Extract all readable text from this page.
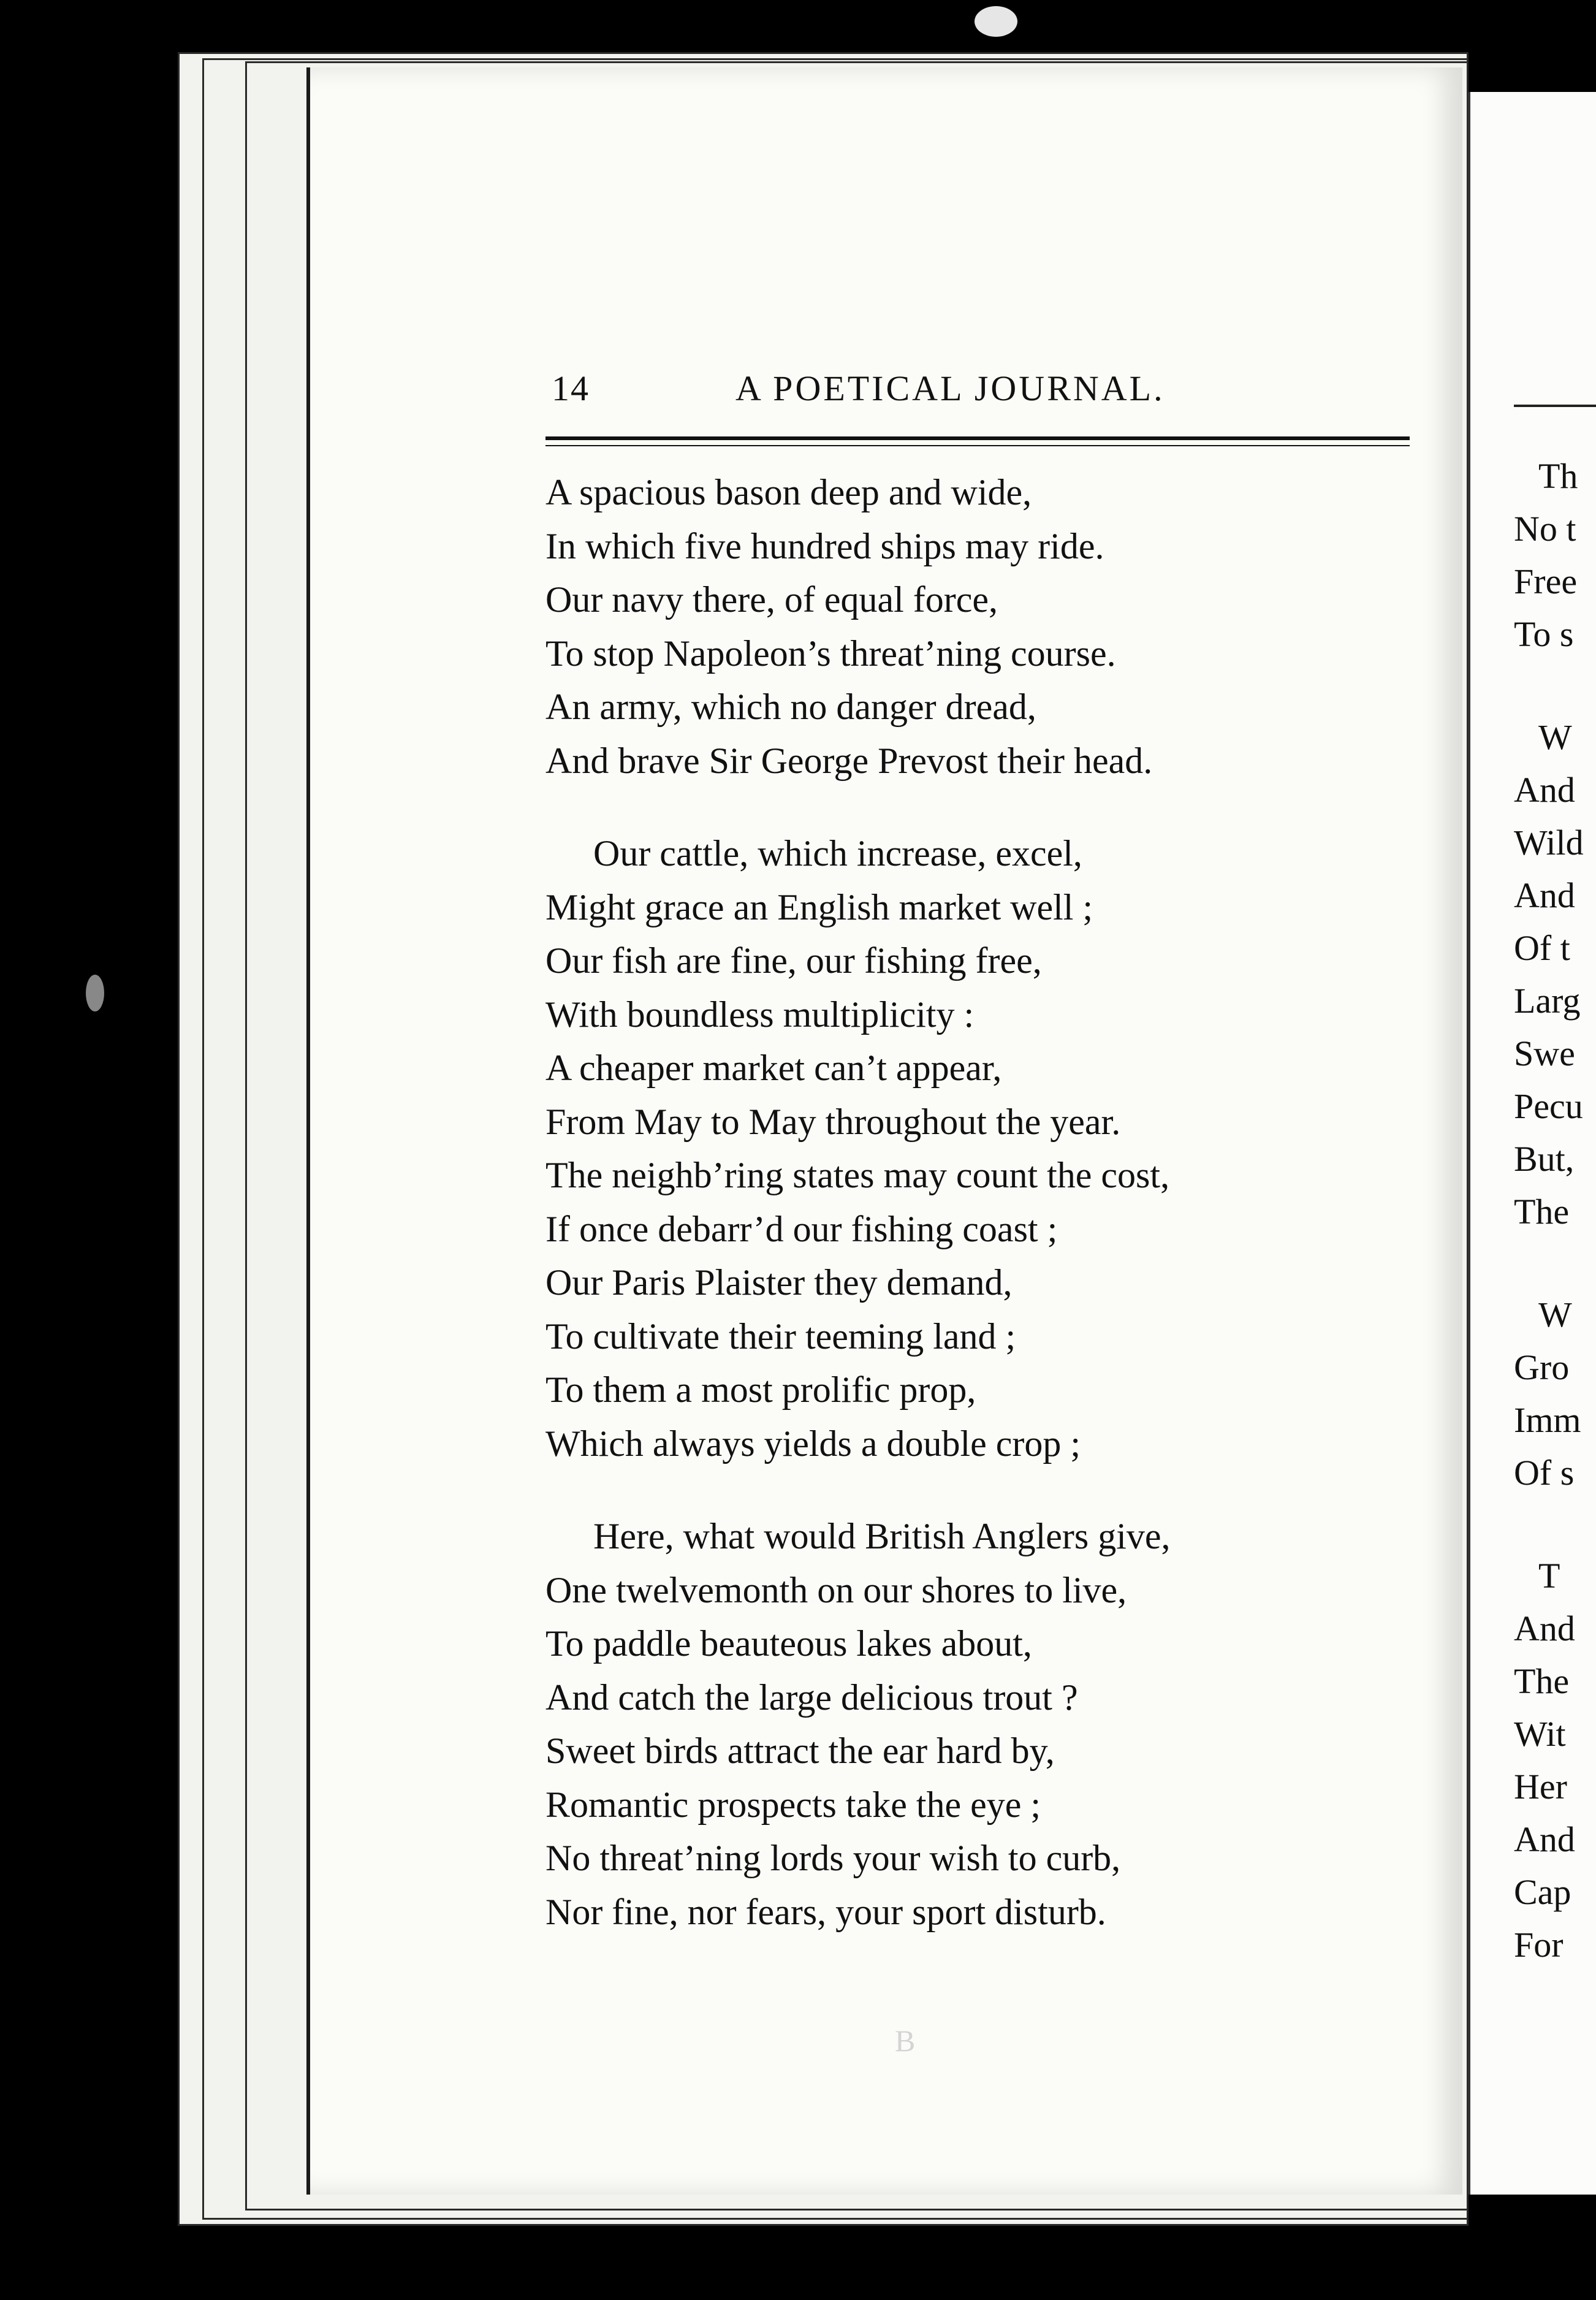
14	A POETICAL JOURNAL.
A spacious bason deep and wide,
In which five hundred ships may ride.
Our navy there, of equal force,
To stop Napoleon’s threat’ning course.
An army, which no danger dread,
And brave Sir George Prevost their head.
Our cattle, which increase, excel,
Might grace an English market well ;
Our fish are fine, our fishing free,
With boundless multiplicity :
A cheaper market can’t appear,
From May to May throughout the year.
The neighb’ring states may count the cost,
If once debarr’d our fishing coast ;
Our Paris Plaister they demand,
To cultivate their teeming land ;
To them a most prolific prop,
Which always yields a double crop ;
Here, what would British Anglers give,
One twelvemonth on our shores to live,
To paddle beauteous lakes about,
And catch the large delicious trout ?
Sweet birds attract the ear hard by,
Romantic prospects take the eye ;
No threat’ning lords your wish to curb,
Nor fine, nor fears, your sport disturb.
B
Th
No t
Free
To s
W
And
Wild
And
Of t
Larg
Swe
Pecu
But,
The
W
Gro
Imm
Of s
T
And
The
Wit
Her
And
Cap
For
